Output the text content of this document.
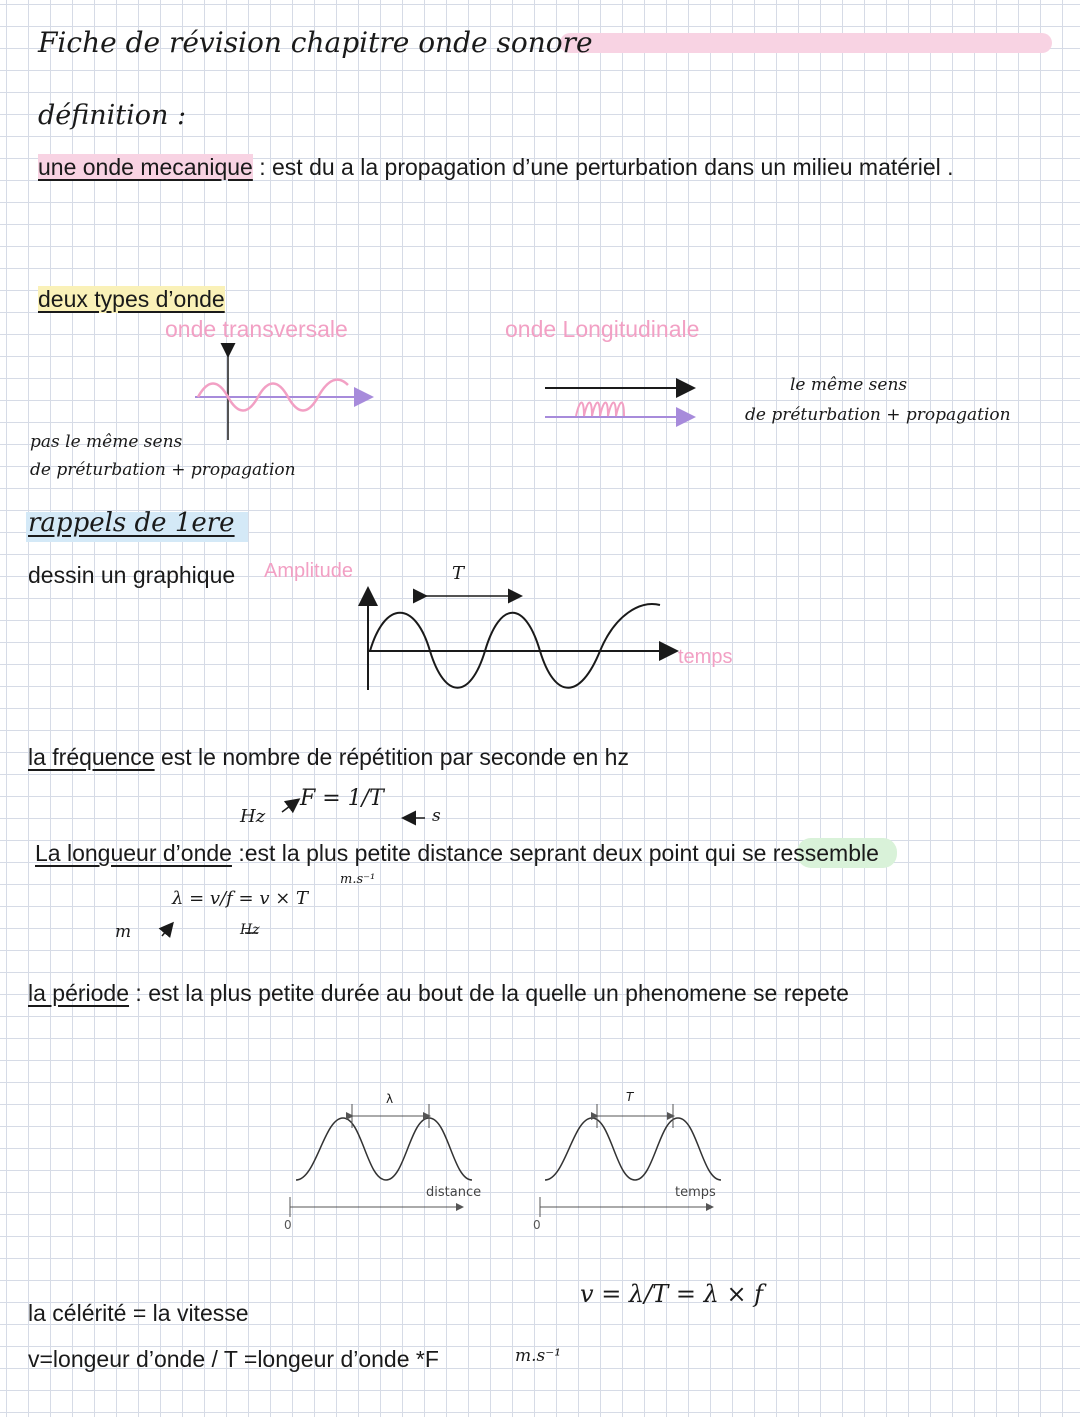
Fiche de révision chapitre onde sonore
définition :
une onde mecanique : est du a la propagation d’une perturbation dans un milieu matériel .
deux types d’onde
onde transversale	onde Longitudinale
pas le même sens
de préturbation + propagation
le même sens
de préturbation + propagation
rappels de 1ere
dessin un graphique Amplitude	T
temps
la fréquence est le nombre de répétition par seconde en hz
Hz
F = 1/T
s
La longueur d’onde :est la plus petite distance seprant deux point qui se ressemble
λ = v/f = v × T
m.s⁻¹
m	Hz
la période : est la plus petite durée au bout de la quelle un phenomene se repete
λ
distance
0
T
temps
0
la célérité = la vitesse
v=longeur d’onde / T =longeur d’onde *F	m.s⁻¹
v = λ/T = λ × f
